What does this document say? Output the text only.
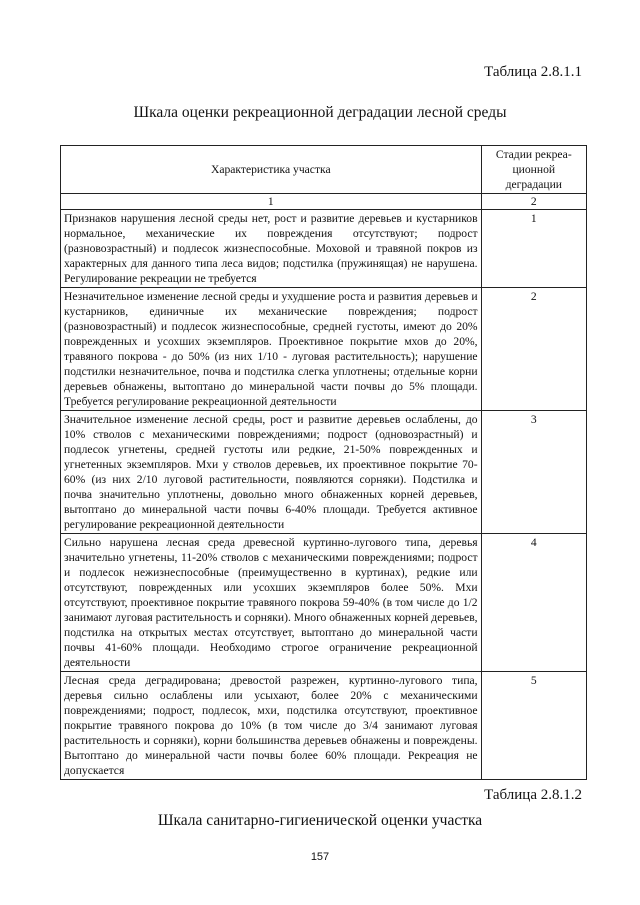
Таблица 2.8.1.1
Шкала оценки рекреационной деградации лесной среды
Характеристика участка	Стадии рекреа-ционной деградации
1	2
Признаков нарушения лесной среды нет, рост и развитие деревьев и кустарников нормальное, механические их повреждения отсутствуют; подрост (разновозрастный) и подлесок жизнеспособные. Моховой и травяной покров из характерных для данного типа леса видов; подстилка (пружинящая) не нарушена. Регулирование рекреации не требуется	1
Незначительное изменение лесной среды и ухудшение роста и развития деревьев и кустарников, единичные их механические повреждения; подрост (разновозрастный) и подлесок жизнеспособные, средней густоты, имеют до 20% поврежденных и усохших экземпляров. Проективное покрытие мхов до 20%, травяного покрова - до 50% (из них 1/10 - луговая растительность); нарушение подстилки незначительное, почва и подстилка слегка уплотнены; отдельные корни деревьев обнажены, вытоптано до минеральной части почвы до 5% площади. Требуется регулирование рекреационной деятельности	2
Значительное изменение лесной среды, рост и развитие деревьев ослаблены, до 10% стволов с механическими повреждениями; подрост (одновозрастный) и подлесок угнетены, средней густоты или редкие, 21-50% поврежденных и угнетенных экземпляров. Мхи у стволов деревьев, их проективное покрытие 70-60% (из них 2/10 луговой растительности, появляются сорняки). Подстилка и почва значительно уплотнены, довольно много обнаженных корней деревьев, вытоптано до минеральной части почвы 6-40% площади. Требуется активное регулирование рекреационной деятельности	3
Сильно нарушена лесная среда древесной куртинно-лугового типа, деревья значительно угнетены, 11-20% стволов с механическими повреждениями; подрост и подлесок нежизнеспособные (преимущественно в куртинах), редкие или отсутствуют, поврежденных или усохших экземпляров более 50%. Мхи отсутствуют, проективное покрытие травяного покрова 59-40% (в том числе до 1/2 занимают луговая растительность и сорняки). Много обнаженных корней деревьев, подстилка на открытых местах отсутствует, вытоптано до минеральной части почвы 41-60% площади. Необходимо строгое ограничение рекреационной деятельности	4
Лесная среда деградирована; древостой разрежен, куртинно-лугового типа, деревья сильно ослаблены или усыхают, более 20% с механическими повреждениями; подрост, подлесок, мхи, подстилка отсутствуют, проективное покрытие травяного покрова до 10% (в том числе до 3/4 занимают луговая растительность и сорняки), корни большинства деревьев обнажены и повреждены. Вытоптано до минеральной части почвы более 60% площади. Рекреация не допускается	5
Таблица 2.8.1.2
Шкала санитарно-гигиенической оценки участка
157
